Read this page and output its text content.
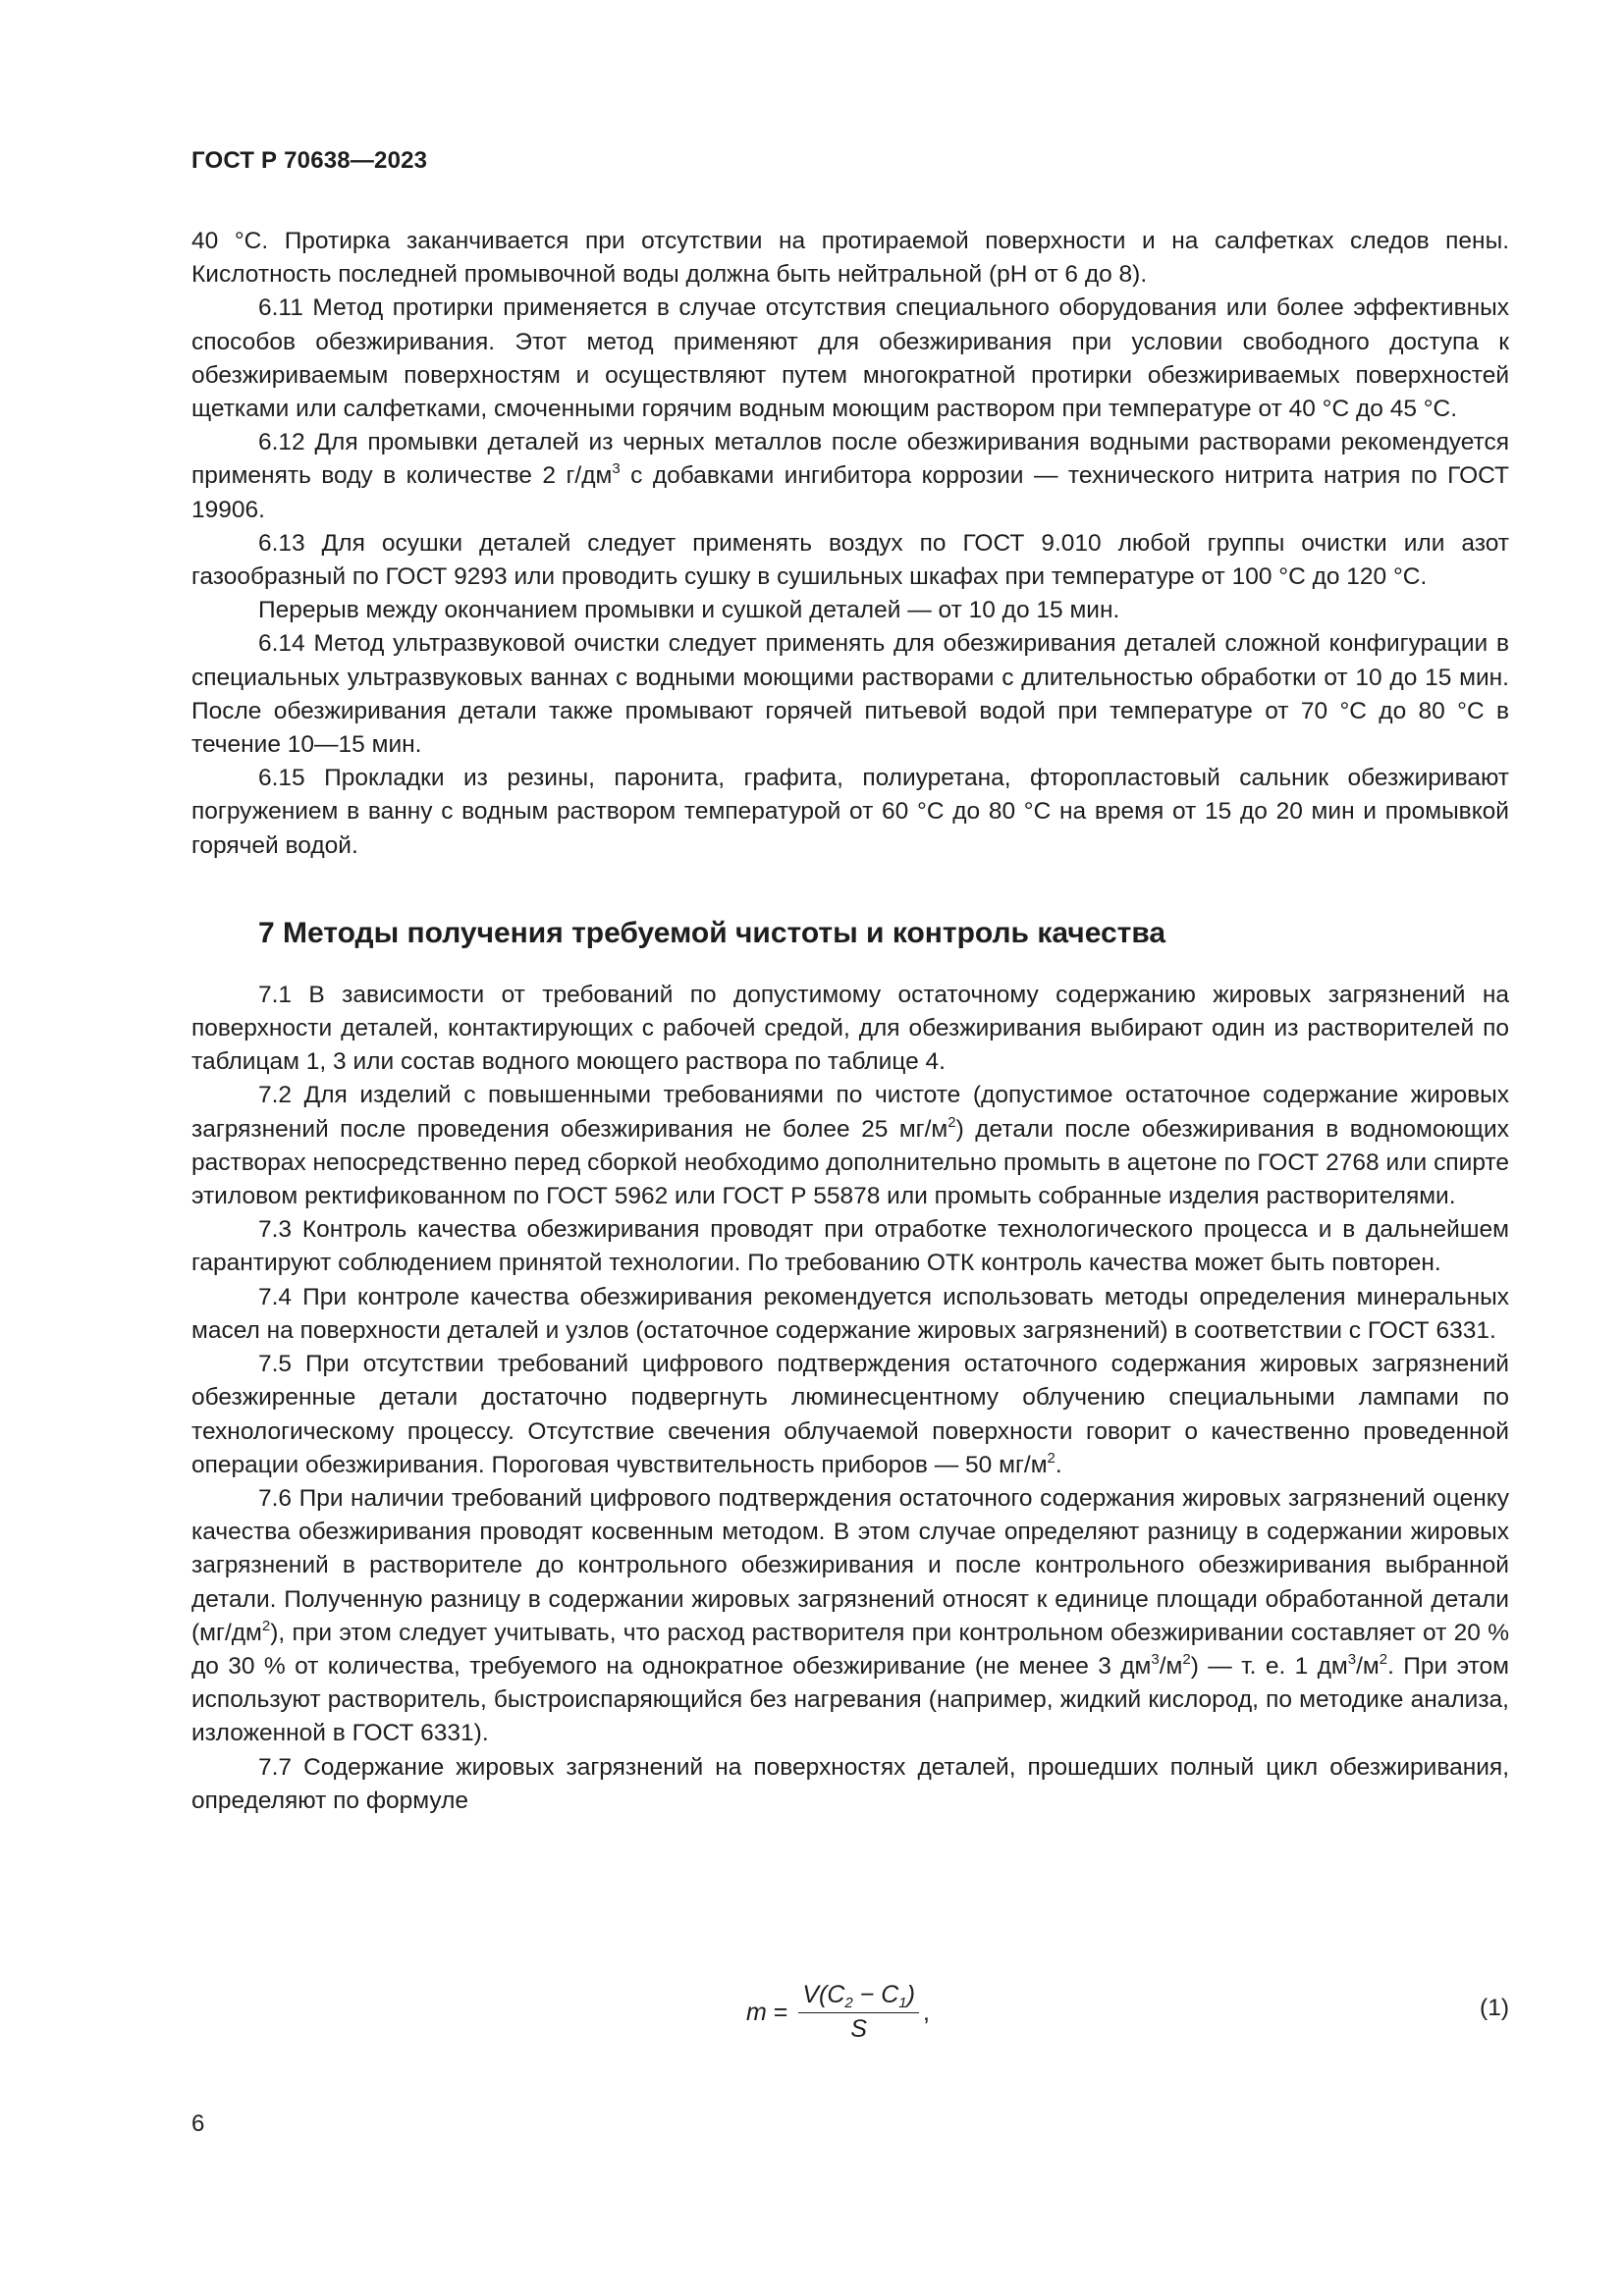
ГОСТ Р 70638—2023

40 °С. Протирка заканчивается при отсутствии на протираемой поверхности и на салфетках следов пены. Кислотность последней промывочной воды должна быть нейтральной (pH от 6 до 8).

6.11 Метод протирки применяется в случае отсутствия специального оборудования или более эффективных способов обезжиривания. Этот метод применяют для обезжиривания при условии свободного доступа к обезжириваемым поверхностям и осуществляют путем многократной протирки обезжириваемых поверхностей щетками или салфетками, смоченными горячим водным моющим раствором при температуре от 40 °С до 45 °С.

6.12 Для промывки деталей из черных металлов после обезжиривания водными растворами рекомендуется применять воду в количестве 2 $г/дм^3$ с добавками ингибитора коррозии — технического нитрита натрия по ГОСТ 19906.

6.13 Для осушки деталей следует применять воздух по ГОСТ 9.010 любой группы очистки или азот газообразный по ГОСТ 9293 или проводить сушку в сушильных шкафах при температуре от 100 °С до 120 °С.

Перерыв между окончанием промывки и сушкой деталей — от 10 до 15 мин.

6.14 Метод ультразвуковой очистки следует применять для обезжиривания деталей сложной конфигурации в специальных ультразвуковых ваннах с водными моющими растворами с длительностью обработки от 10 до 15 мин. После обезжиривания детали также промывают горячей питьевой водой при температуре от 70 °С до 80 °С в течение 10—15 мин.

6.15 Прокладки из резины, паронита, графита, полиуретана, фторопластовый сальник обезжиривают погружением в ванну с водным раствором температурой от 60 °С до 80 °С на время от 15 до 20 мин и промывкой горячей водой.

7 Методы получения требуемой чистоты и контроль качества

7.1 В зависимости от требований по допустимому остаточному содержанию жировых загрязнений на поверхности деталей, контактирующих с рабочей средой, для обезжиривания выбирают один из растворителей по таблицам 1, 3 или состав водного моющего раствора по таблице 4.

7.2 Для изделий с повышенными требованиями по чистоте (допустимое остаточное содержание жировых загрязнений после проведения обезжиривания не более 25 $мг/м^2$) детали после обезжиривания в водномоющих растворах непосредственно перед сборкой необходимо дополнительно промыть в ацетоне по ГОСТ 2768 или спирте этиловом ректификованном по ГОСТ 5962 или ГОСТ Р 55878 или промыть собранные изделия растворителями.

7.3 Контроль качества обезжиривания проводят при отработке технологического процесса и в дальнейшем гарантируют соблюдением принятой технологии. По требованию ОТК контроль качества может быть повторен.

7.4 При контроле качества обезжиривания рекомендуется использовать методы определения минеральных масел на поверхности деталей и узлов (остаточное содержание жировых загрязнений) в соответствии с ГОСТ 6331.

7.5 При отсутствии требований цифрового подтверждения остаточного содержания жировых загрязнений обезжиренные детали достаточно подвергнуть люминесцентному облучению специальными лампами по технологическому процессу. Отсутствие свечения облучаемой поверхности говорит о качественно проведенной операции обезжиривания. Пороговая чувствительность приборов — 50 $мг/м^2$.

7.6 При наличии требований цифрового подтверждения остаточного содержания жировых загрязнений оценку качества обезжиривания проводят косвенным методом. В этом случае определяют разницу в содержании жировых загрязнений в растворителе до контрольного обезжиривания и после контрольного обезжиривания выбранной детали. Полученную разницу в содержании жировых загрязнений относят к единице площади обработанной детали $(мг/дм^2)$, при этом следует учитывать, что расход растворителя при контрольном обезжиривании составляет от 20 % до 30 % от количества, требуемого на однократное обезжиривание (не менее 3 $дм^3/м^2$) — т. е. 1 $дм^3/м^2$. При этом используют растворитель, быстроиспаряющийся без нагревания (например, жидкий кислород, по методике анализа, изложенной в ГОСТ 6331).

7.7 Содержание жировых загрязнений на поверхностях деталей, прошедших полный цикл обезжиривания, определяют по формуле

$m = \frac{V(C_2 - C_1)}{S}$ ,	(1)
6
